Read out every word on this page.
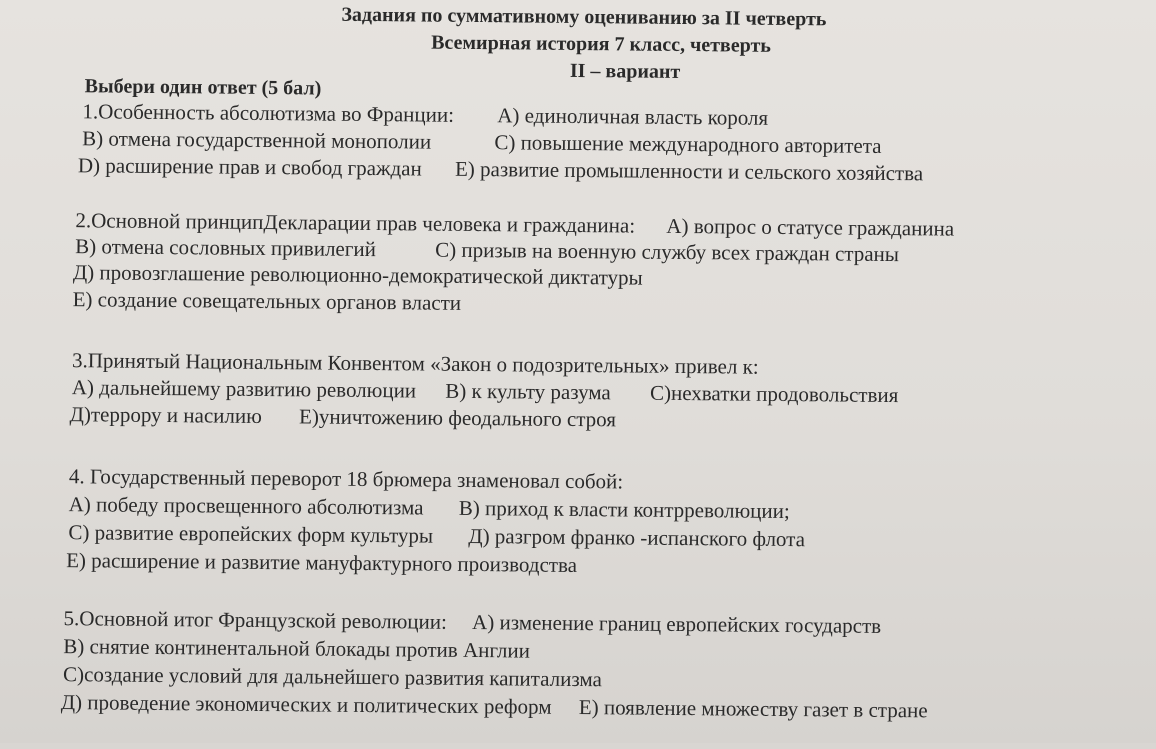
Задания по суммативному оцениванию за II четверть
Всемирная история 7 класс, четверть
II – вариант
Выбери один ответ (5 бал)
1.Особенность абсолютизма во Франции: А) единоличная власть короля
В) отмена государственной монополии	С) повышение международного авторитета
D) расширение прав и свобод граждан Е) развитие промышленности и сельского хозяйства
2.Основной принципДекларации прав человека и гражданина: А) вопрос о статусе гражданина
В) отмена сословных привилегий	С) призыв на военную службу всех граждан страны
Д) провозглашение революционно-демократической диктатуры
Е) создание совещательных органов власти
3.Принятый Национальным Конвентом «Закон о подозрительных» привел к:
А) дальнейшему развитию революции В) к культу разума С)нехватки продовольствия
Д)террору и насилию Е)уничтожению феодального строя
4. Государственный переворот 18 брюмера знаменовал собой:
А) победу просвещенного абсолютизма В) приход к власти контрреволюции;
С) развитие европейских форм культуры Д) разгром франко -испанского флота
Е) расширение и развитие мануфактурного производства
5.Основной итог Французской революции: А) изменение границ европейских государств
В) снятие континентальной блокады против Англии
С)создание условий для дальнейшего развития капитализма
Д) проведение экономических и политических реформ Е) появление множеству газет в стране
